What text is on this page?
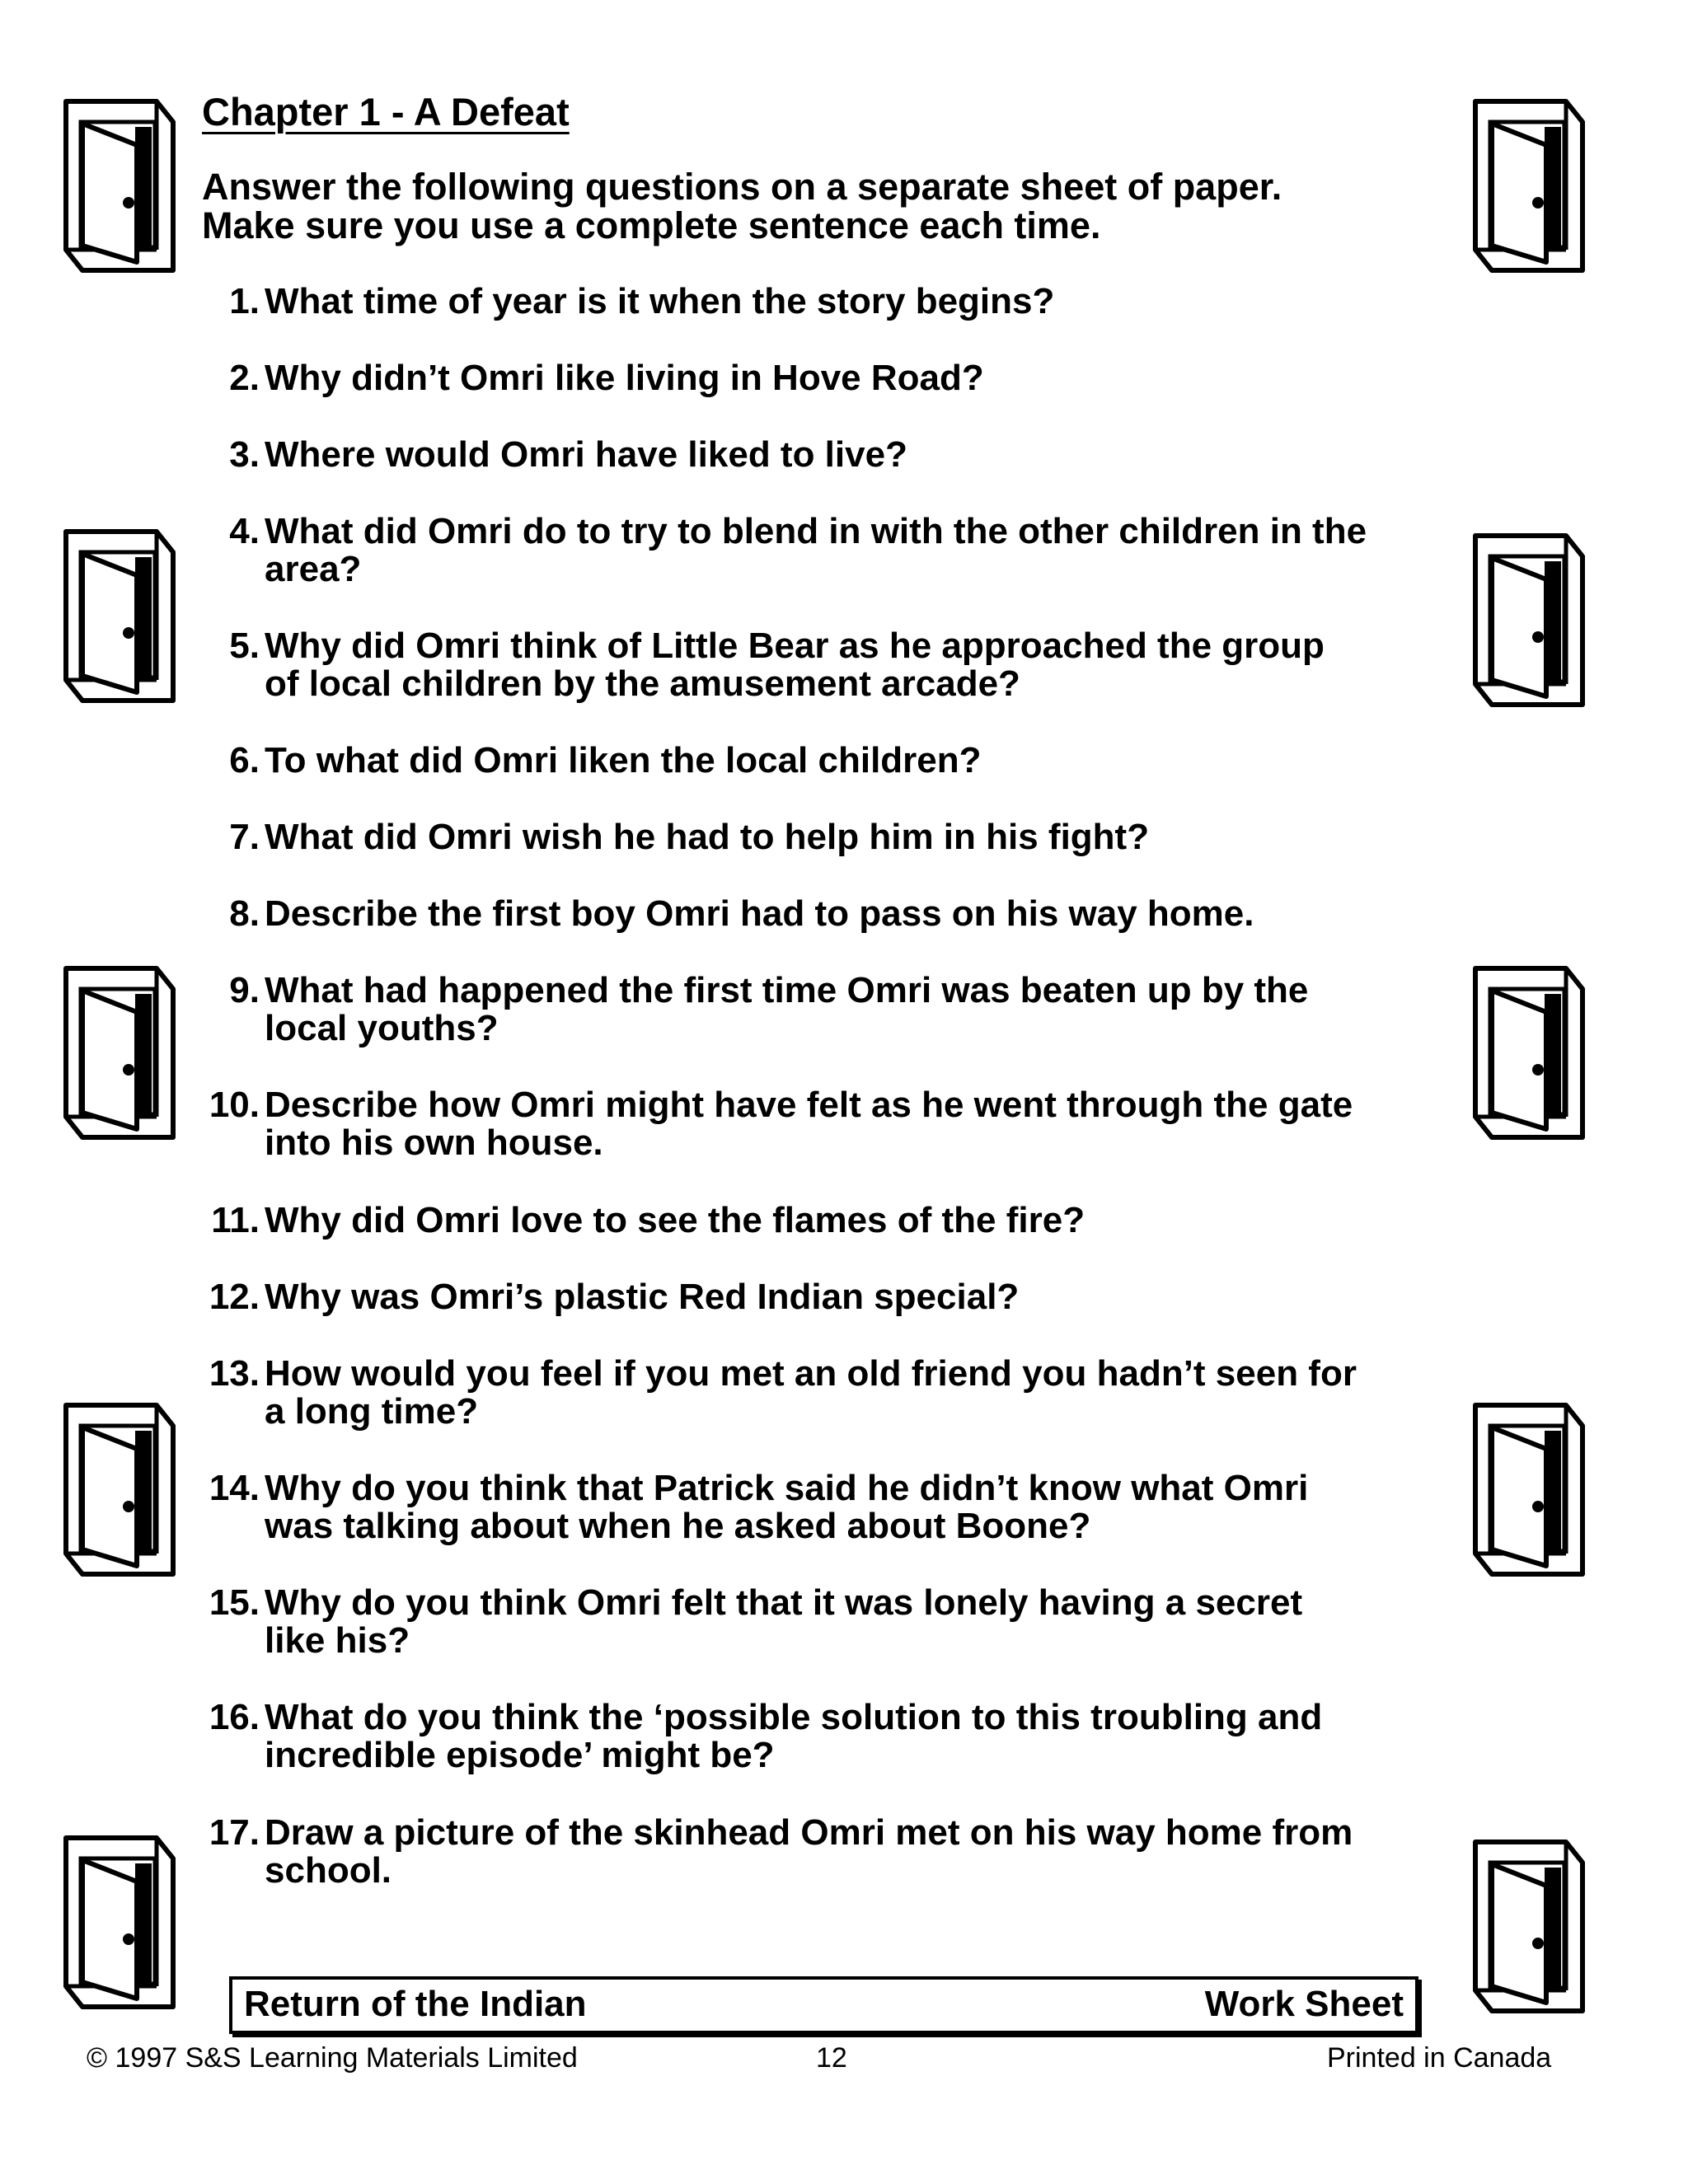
Chapter 1 - A Defeat
Answer the following questions on a separate sheet of paper.
Make sure you use a complete sentence each time.
1. What time of year is it when the story begins?
2. Why didn’t Omri like living in Hove Road?
3. Where would Omri have liked to live?
4. What did Omri do to try to blend in with the other children in the
area?
5. Why did Omri think of Little Bear as he approached the group
of local children by the amusement arcade?
6. To what did Omri liken the local children?
7. What did Omri wish he had to help him in his fight?
8. Describe the first boy Omri had to pass on his way home.
9. What had happened the first time Omri was beaten up by the
local youths?
10. Describe how Omri might have felt as he went through the gate
into his own house.
11. Why did Omri love to see the flames of the fire?
12. Why was Omri’s plastic Red Indian special?
13. How would you feel if you met an old friend you hadn’t seen for
a long time?
14. Why do you think that Patrick said he didn’t know what Omri
was talking about when he asked about Boone?
15. Why do you think Omri felt that it was lonely having a secret
like his?
16. What do you think the ‘possible solution to this troubling and
incredible episode’ might be?
17. Draw a picture of the skinhead Omri met on his way home from
school.
Return of the Indian	Work Sheet
© 1997 S&S Learning Materials Limited	12	Printed in Canada
